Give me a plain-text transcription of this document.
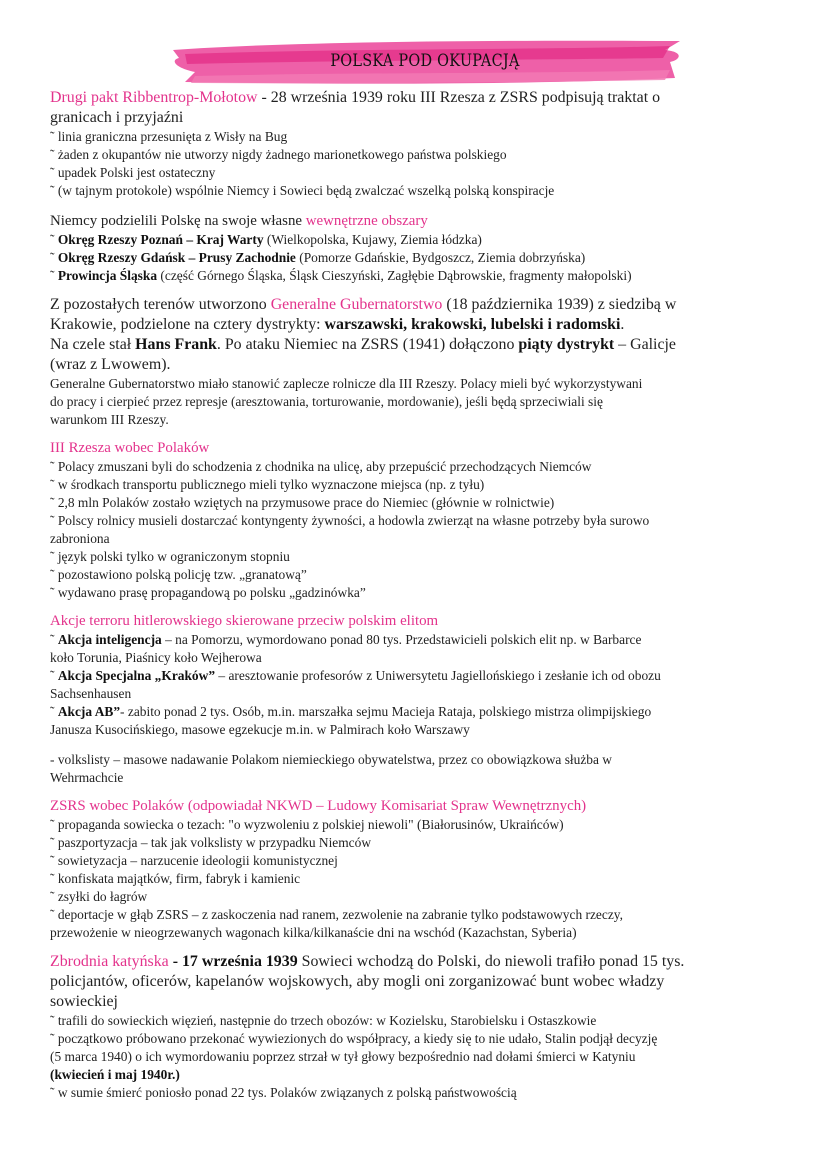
POLSKA POD OKUPACJĄ
Drugi pakt Ribbentrop-Mołotow - 28 września 1939 roku III Rzesza z ZSRS podpisują traktat o
granicach i przyjaźni
˜ linia graniczna przesunięta z Wisły na Bug
˜ żaden z okupantów nie utworzy nigdy żadnego marionetkowego państwa polskiego
˜ upadek Polski jest ostateczny
˜ (w tajnym protokole) wspólnie Niemcy i Sowieci będą zwalczać wszelką polską konspiracje
Niemcy podzielili Polskę na swoje własne wewnętrzne obszary
˜ Okręg Rzeszy Poznań – Kraj Warty (Wielkopolska, Kujawy, Ziemia łódzka)
˜ Okręg Rzeszy Gdańsk – Prusy Zachodnie (Pomorze Gdańskie, Bydgoszcz, Ziemia dobrzyńska)
˜ Prowincja Śląska (część Górnego Śląska, Śląsk Cieszyński, Zagłębie Dąbrowskie, fragmenty małopolski)
Z pozostałych terenów utworzono Generalne Gubernatorstwo (18 października 1939) z siedzibą w
Krakowie, podzielone na cztery dystrykty: warszawski, krakowski, lubelski i radomski.
Na czele stał Hans Frank. Po ataku Niemiec na ZSRS (1941) dołączono piąty dystrykt – Galicje
(wraz z Lwowem).
Generalne Gubernatorstwo miało stanowić zaplecze rolnicze dla III Rzeszy. Polacy mieli być wykorzystywani
do pracy i cierpieć przez represje (aresztowania, torturowanie, mordowanie), jeśli będą sprzeciwiali się
warunkom III Rzeszy.
III Rzesza wobec Polaków
˜ Polacy zmuszani byli do schodzenia z chodnika na ulicę, aby przepuścić przechodzących Niemców
˜ w środkach transportu publicznego mieli tylko wyznaczone miejsca (np. z tyłu)
˜ 2,8 mln Polaków zostało wziętych na przymusowe prace do Niemiec (głównie w rolnictwie)
˜ Polscy rolnicy musieli dostarczać kontyngenty żywności, a hodowla zwierząt na własne potrzeby była surowo
zabroniona
˜ język polski tylko w ograniczonym stopniu
˜ pozostawiono polską policję tzw. „granatową”
˜ wydawano prasę propagandową po polsku „gadzinówka”
Akcje terroru hitlerowskiego skierowane przeciw polskim elitom
˜ Akcja inteligencja – na Pomorzu, wymordowano ponad 80 tys. Przedstawicieli polskich elit np. w Barbarce
koło Torunia, Piaśnicy koło Wejherowa
˜ Akcja Specjalna „Kraków” – aresztowanie profesorów z Uniwersytetu Jagiellońskiego i zesłanie ich od obozu
Sachsenhausen
˜ Akcja AB”- zabito ponad 2 tys. Osób, m.in. marszałka sejmu Macieja Rataja, polskiego mistrza olimpijskiego
Janusza Kusocińskiego, masowe egzekucje m.in. w Palmirach koło Warszawy
- volkslisty – masowe nadawanie Polakom niemieckiego obywatelstwa, przez co obowiązkowa służba w
Wehrmachcie
ZSRS wobec Polaków (odpowiadał NKWD – Ludowy Komisariat Spraw Wewnętrznych)
˜ propaganda sowiecka o tezach: "o wyzwoleniu z polskiej niewoli" (Białorusinów, Ukraińców)
˜ paszportyzacja – tak jak volkslisty w przypadku Niemców
˜ sowietyzacja – narzucenie ideologii komunistycznej
˜ konfiskata majątków, firm, fabryk i kamienic
˜ zsyłki do łagrów
˜ deportacje w głąb ZSRS – z zaskoczenia nad ranem, zezwolenie na zabranie tylko podstawowych rzeczy,
przewożenie w nieogrzewanych wagonach kilka/kilkanaście dni na wschód (Kazachstan, Syberia)
Zbrodnia katyńska - 17 września 1939 Sowieci wchodzą do Polski, do niewoli trafiło ponad 15 tys.
policjantów, oficerów, kapelanów wojskowych, aby mogli oni zorganizować bunt wobec władzy
sowieckiej
˜ trafili do sowieckich więzień, następnie do trzech obozów: w Kozielsku, Starobielsku i Ostaszkowie
˜ początkowo próbowano przekonać wywiezionych do współpracy, a kiedy się to nie udało, Stalin podjął decyzję
(5 marca 1940) o ich wymordowaniu poprzez strzał w tył głowy bezpośrednio nad dołami śmierci w Katyniu
(kwiecień i maj 1940r.)
˜ w sumie śmierć poniosło ponad 22 tys. Polaków związanych z polską państwowością
